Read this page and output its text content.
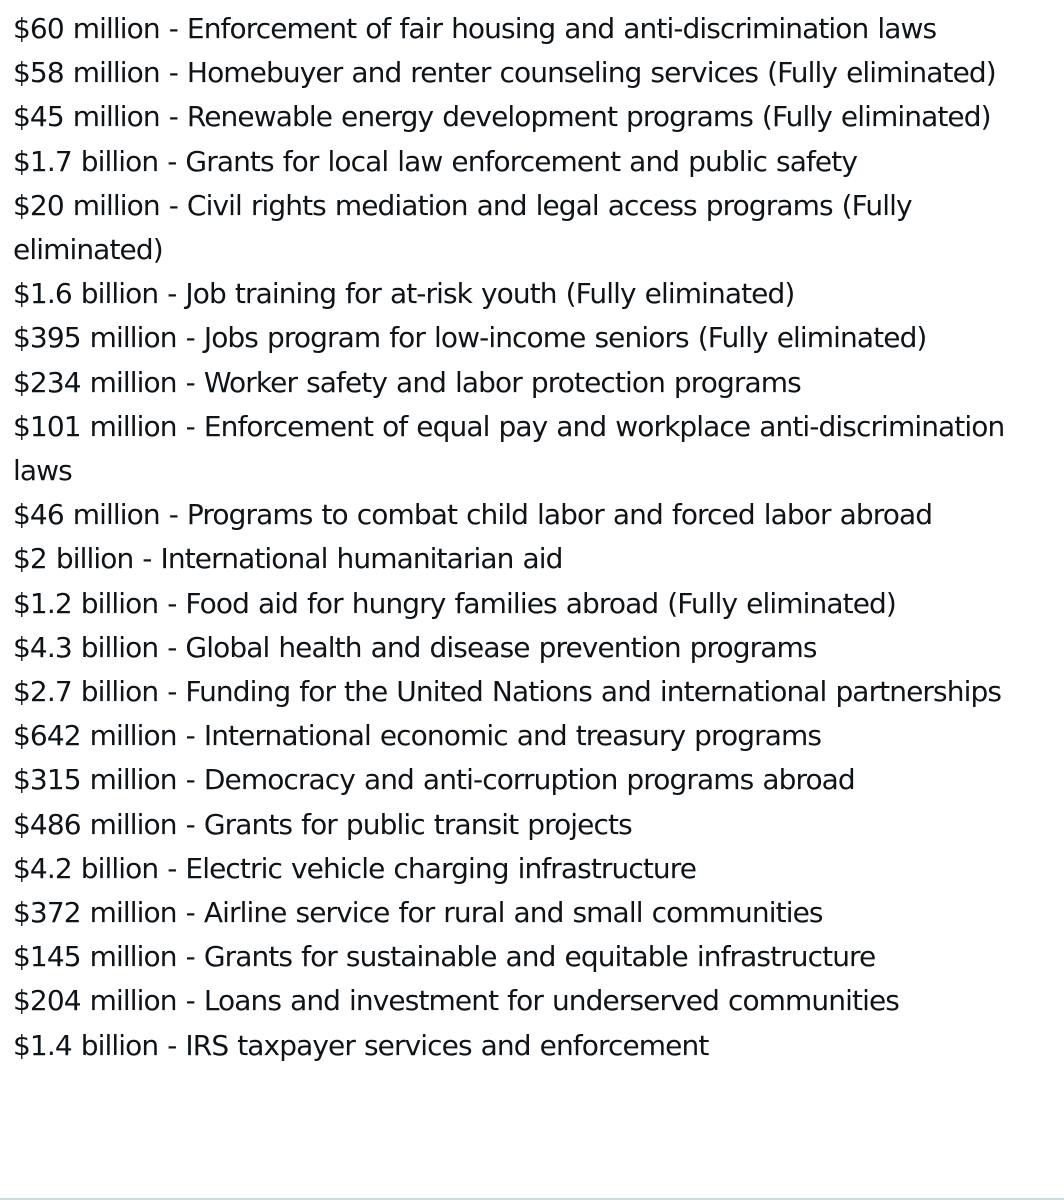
$60 million - Enforcement of fair housing and anti-discrimination laws
$58 million - Homebuyer and renter counseling services (Fully eliminated)
$45 million - Renewable energy development programs (Fully eliminated)
$1.7 billion - Grants for local law enforcement and public safety
$20 million - Civil rights mediation and legal access programs (Fully eliminated)
$1.6 billion - Job training for at-risk youth (Fully eliminated)
$395 million - Jobs program for low-income seniors (Fully eliminated)
$234 million - Worker safety and labor protection programs
$101 million - Enforcement of equal pay and workplace anti-discrimination laws
$46 million - Programs to combat child labor and forced labor abroad
$2 billion - International humanitarian aid
$1.2 billion - Food aid for hungry families abroad (Fully eliminated)
$4.3 billion - Global health and disease prevention programs
$2.7 billion - Funding for the United Nations and international partnerships
$642 million - International economic and treasury programs
$315 million - Democracy and anti-corruption programs abroad
$486 million - Grants for public transit projects
$4.2 billion - Electric vehicle charging infrastructure
$372 million - Airline service for rural and small communities
$145 million - Grants for sustainable and equitable infrastructure
$204 million - Loans and investment for underserved communities
$1.4 billion - IRS taxpayer services and enforcement
